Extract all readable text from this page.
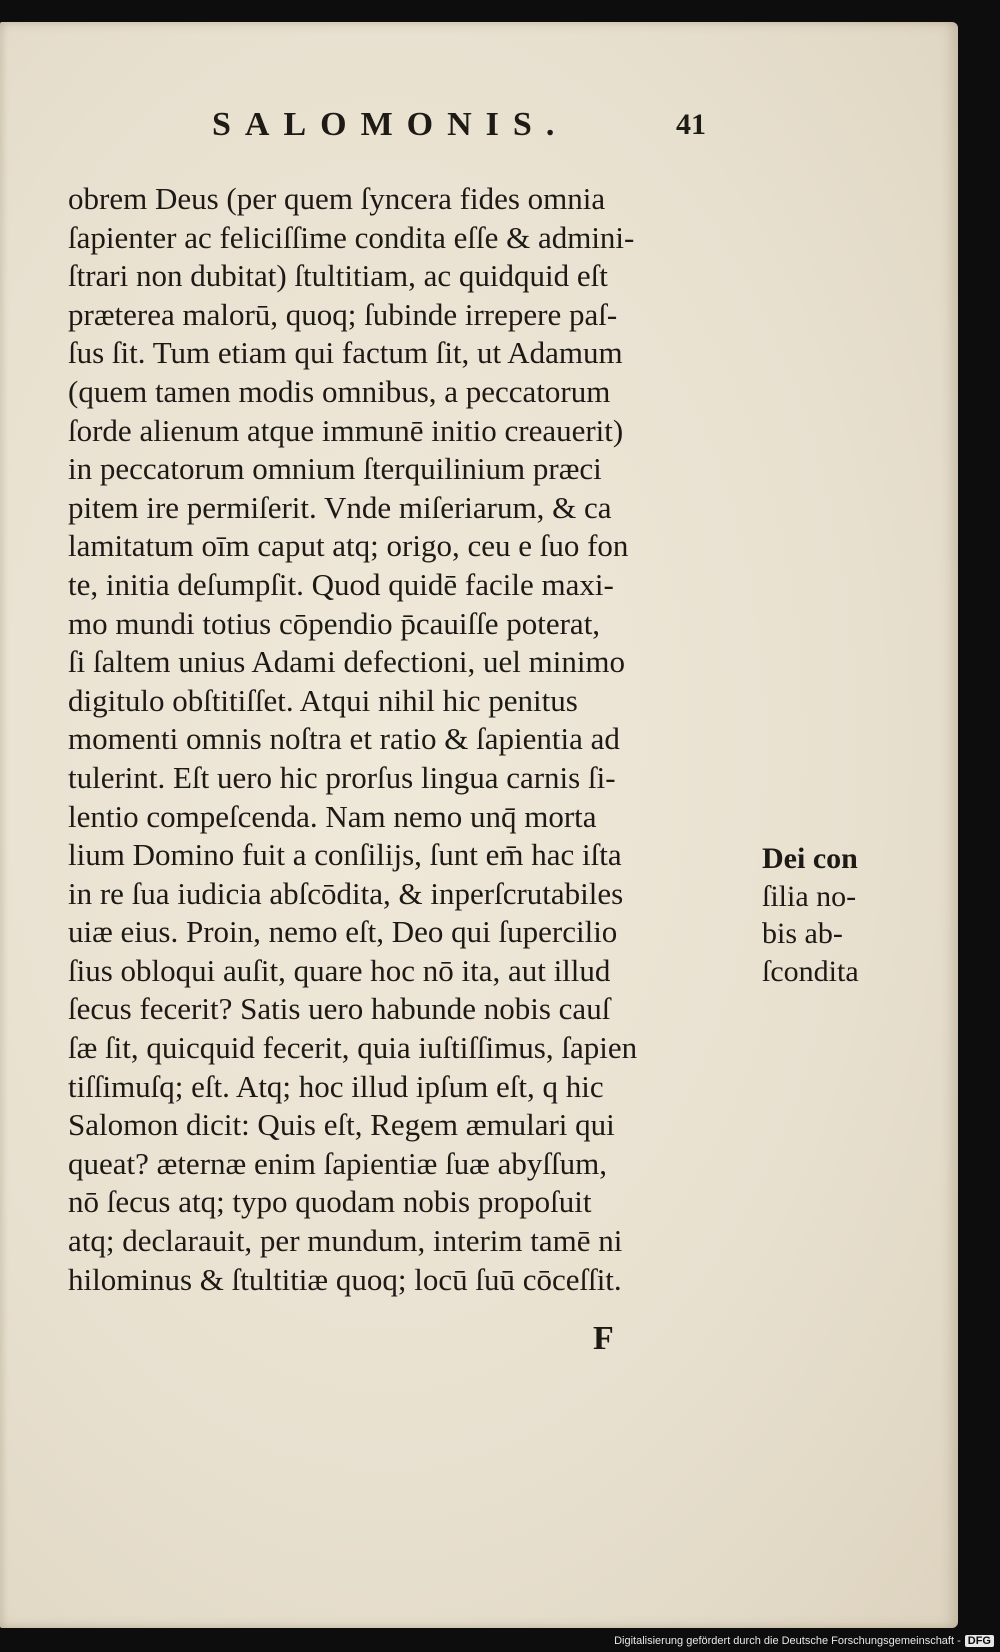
SALOMONIS.	41
obrem Deus (per quem ſyncera fides omnia
ſapienter ac feliciſſime condita eſſe & admini-
ſtrari non dubitat) ſtultitiam, ac quidquid eſt
præterea malorū, quoq; ſubinde irrepere paſ-
ſus ſit. Tum etiam qui factum ſit, ut Adamum
(quem tamen modis omnibus, a peccatorum
ſorde alienum atque immunē initio creauerit)
in peccatorum omnium ſterquilinium præci
pitem ire permiſerit. Vnde miſeriarum, & ca
lamitatum oīm caput atq; origo, ceu e ſuo fon
te, initia deſumpſit. Quod quidē facile maxi-
mo mundi totius cōpendio p̄cauiſſe poterat,
ſi ſaltem unius Adami defectioni, uel minimo
digitulo obſtitiſſet. Atqui nihil hic penitus
momenti omnis noſtra et ratio & ſapientia ad
tulerint. Eſt uero hic prorſus lingua carnis ſi-
lentio compeſcenda. Nam nemo unq̄ morta
lium Domino fuit a conſilijs, ſunt em̄ hac iſta
in re ſua iudicia abſcōdita, & inperſcrutabiles
uiæ eius. Proin, nemo eſt, Deo qui ſupercilio
ſius obloqui auſit, quare hoc nō ita, aut illud
ſecus fecerit? Satis uero habunde nobis cauſ
ſæ ſit, quicquid fecerit, quia iuſtiſſimus, ſapien
tiſſimuſq; eſt. Atq; hoc illud ipſum eſt, q hic
Salomon dicit: Quis eſt, Regem æmulari qui
queat? æternæ enim ſapientiæ ſuæ abyſſum,
nō ſecus atq; typo quodam nobis propoſuit
atq; declarauit, per mundum, interim tamē ni
hilominus & ſtultitiæ quoq; locū ſuū cōceſſit.
Dei con
ſilia no-
bis ab-
ſcondita
F
Digitalisierung gefördert durch die Deutsche Forschungsgemeinschaft - DFG
